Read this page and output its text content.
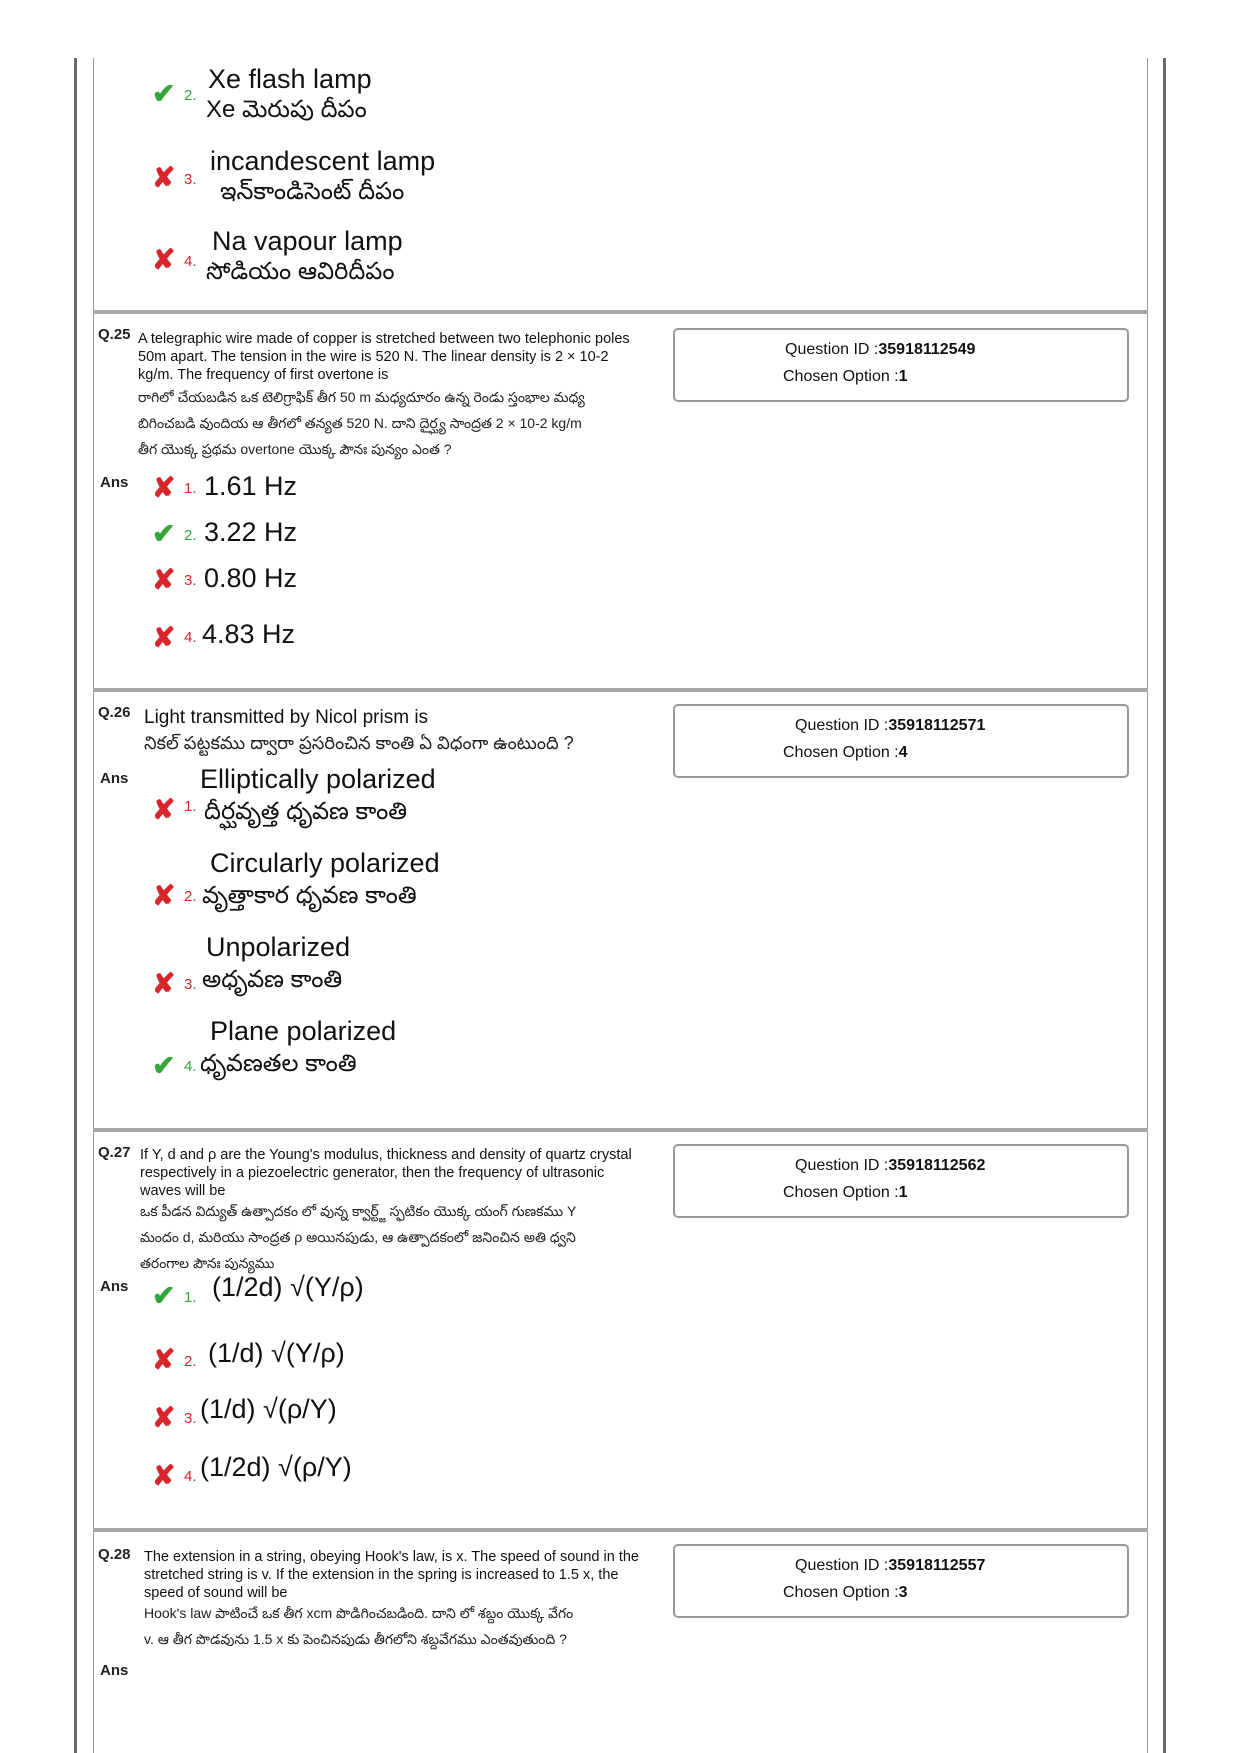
✔ 2.
Xe flash lamp
Xe మెరుపు దీపం
✘ 3.
incandescent lamp
ఇన్‌కాండిసెంట్ దీపం
✘ 4.
Na vapour lamp
సోడియం ఆవిరిదీపం
Q.25 A telegraphic wire made of copper is stretched between two telephonic poles
50m apart. The tension in the wire is 520 N. The linear density is 2 × 10-2
kg/m. The frequency of first overtone is
రాగిలో చేయబడిన ఒక టెలిగ్రాఫిక్ తీగ 50 m మధ్యదూరం ఉన్న రెండు స్తంభాల మధ్య
బిగించబడి వుందియ ఆ తీగలో తన్యత 520 N. దాని దైర్ఘ్య సాంద్రత 2 × 10-2 kg/m
తీగ యొక్క ప్రథమ overtone యొక్క పౌనః పున్యం ఎంత ?
Question ID :35918112549
Chosen Option :1
Ans ✘ 1. 1.61 Hz
✔ 2. 3.22 Hz
✘ 3. 0.80 Hz
✘ 4. 4.83 Hz
Q.26 Light transmitted by Nicol prism is
నికల్ పట్టకము ద్వారా ప్రసరించిన కాంతి ఏ విధంగా ఉంటుంది ?
Question ID :35918112571
Chosen Option :4
Ans
✘ 1.
Elliptically polarized
దీర్ఘవృత్త ధృవణ కాంతి
✘ 2.
Circularly polarized
వృత్తాకార ధృవణ కాంతి
✘ 3.
Unpolarized
అధృవణ కాంతి
✔ 4.
Plane polarized
ధృవణతల కాంతి
Q.27 If Y, d and ρ are the Young's modulus, thickness and density of quartz crystal
respectively in a piezoelectric generator, then the frequency of ultrasonic
waves will be
ఒక పీడన విద్యుత్ ఉత్పాదకం లో వున్న క్వార్ట్జ్ స్ఫటికం యొక్క యంగ్ గుణకము Y
మందం d, మరియు సాంద్రత ρ అయినపుడు, ఆ ఉత్పాదకంలో జనించిన అతి ధ్వని
తరంగాల పౌనః పున్యము
Question ID :35918112562
Chosen Option :1
Ans ✔ 1. (1/2d) √(Y/ρ)
✘ 2. (1/d) √(Y/ρ)
✘ 3. (1/d) √(ρ/Y)
✘ 4. (1/2d) √(ρ/Y)
Q.28 The extension in a string, obeying Hook's law, is x. The speed of sound in the
stretched string is v. If the extension in the spring is increased to 1.5 x, the
speed of sound will be
Hook's law పాటించే ఒక తీగ xcm పొడిగించబడింది. దాని లో శబ్దం యొక్క వేగం
v. ఆ తీగ పొడవును 1.5 x కు పెంచినపుడు తీగలోని శబ్దవేగము ఎంతవుతుంది ?
Question ID :35918112557
Chosen Option :3
Ans
